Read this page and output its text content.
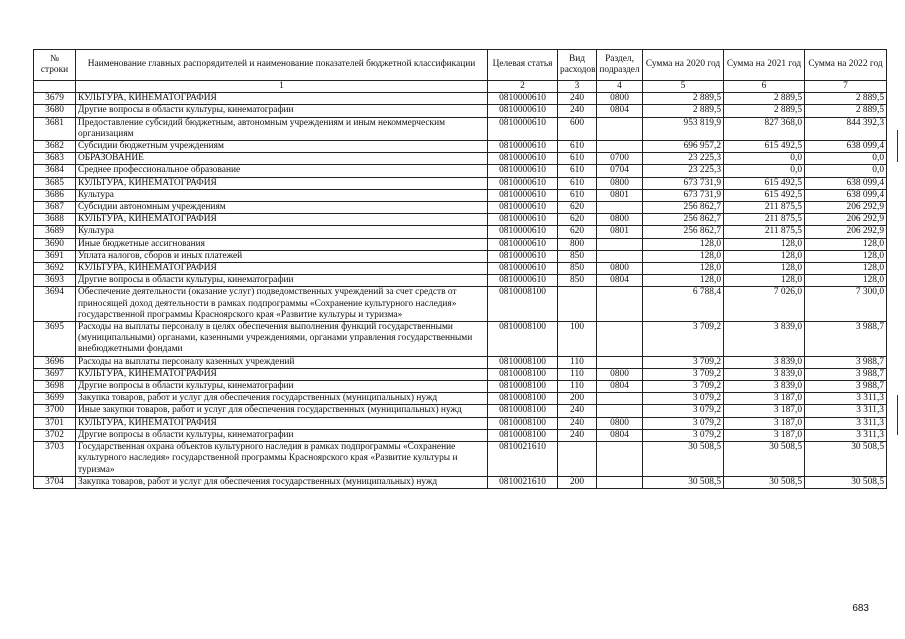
№ строки	Наименование главных распорядителей и наименование показателей бюджетной классификации	Целевая статья	Вид расходов	Раздел, подраздел	Сумма на 2020 год	Сумма на 2021 год	Сумма на 2022 год
	1	2	3	4	5	6	7
3679	КУЛЬТУРА, КИНЕМАТОГРАФИЯ	0810000610	240	0800	2 889,5	2 889,5	2 889,5
3680	Другие вопросы в области культуры, кинематографии	0810000610	240	0804	2 889,5	2 889,5	2 889,5
3681	Предоставление субсидий бюджетным, автономным учреждениям и иным некоммерческим организациям	0810000610	600		953 819,9	827 368,0	844 392,3
3682	Субсидии бюджетным учреждениям	0810000610	610		696 957,2	615 492,5	638 099,4
3683	ОБРАЗОВАНИЕ	0810000610	610	0700	23 225,3	0,0	0,0
3684	Среднее профессиональное образование	0810000610	610	0704	23 225,3	0,0	0,0
3685	КУЛЬТУРА, КИНЕМАТОГРАФИЯ	0810000610	610	0800	673 731,9	615 492,5	638 099,4
3686	Культура	0810000610	610	0801	673 731,9	615 492,5	638 099,4
3687	Субсидии автономным учреждениям	0810000610	620		256 862,7	211 875,5	206 292,9
3688	КУЛЬТУРА, КИНЕМАТОГРАФИЯ	0810000610	620	0800	256 862,7	211 875,5	206 292,9
3689	Культура	0810000610	620	0801	256 862,7	211 875,5	206 292,9
3690	Иные бюджетные ассигнования	0810000610	800		128,0	128,0	128,0
3691	Уплата налогов, сборов и иных платежей	0810000610	850		128,0	128,0	128,0
3692	КУЛЬТУРА, КИНЕМАТОГРАФИЯ	0810000610	850	0800	128,0	128,0	128,0
3693	Другие вопросы в области культуры, кинематографии	0810000610	850	0804	128,0	128,0	128,0
3694	Обеспечение деятельности (оказание услуг) подведомственных учреждений за счет средств от приносящей доход деятельности в рамках подпрограммы «Сохранение культурного наследия» государственной программы Красноярского края «Развитие культуры и туризма»	0810008100			6 788,4	7 026,0	7 300,0
3695	Расходы на выплаты персоналу в целях обеспечения выполнения функций государственными (муниципальными) органами, казенными учреждениями, органами управления государственными внебюджетными фондами	0810008100	100		3 709,2	3 839,0	3 988,7
3696	Расходы на выплаты персоналу казенных учреждений	0810008100	110		3 709,2	3 839,0	3 988,7
3697	КУЛЬТУРА, КИНЕМАТОГРАФИЯ	0810008100	110	0800	3 709,2	3 839,0	3 988,7
3698	Другие вопросы в области культуры, кинематографии	0810008100	110	0804	3 709,2	3 839,0	3 988,7
3699	Закупка товаров, работ и услуг для обеспечения государственных (муниципальных) нужд	0810008100	200		3 079,2	3 187,0	3 311,3
3700	Иные закупки товаров, работ и услуг для обеспечения государственных (муниципальных) нужд	0810008100	240		3 079,2	3 187,0	3 311,3
3701	КУЛЬТУРА, КИНЕМАТОГРАФИЯ	0810008100	240	0800	3 079,2	3 187,0	3 311,3
3702	Другие вопросы в области культуры, кинематографии	0810008100	240	0804	3 079,2	3 187,0	3 311,3
3703	Государственная охрана объектов культурного наследия в рамках подпрограммы «Сохранение культурного наследия» государственной программы Красноярского края «Развитие культуры и туризма»	0810021610			30 508,5	30 508,5	30 508,5
3704	Закупка товаров, работ и услуг для обеспечения государственных (муниципальных) нужд	0810021610	200		30 508,5	30 508,5	30 508,5
683
